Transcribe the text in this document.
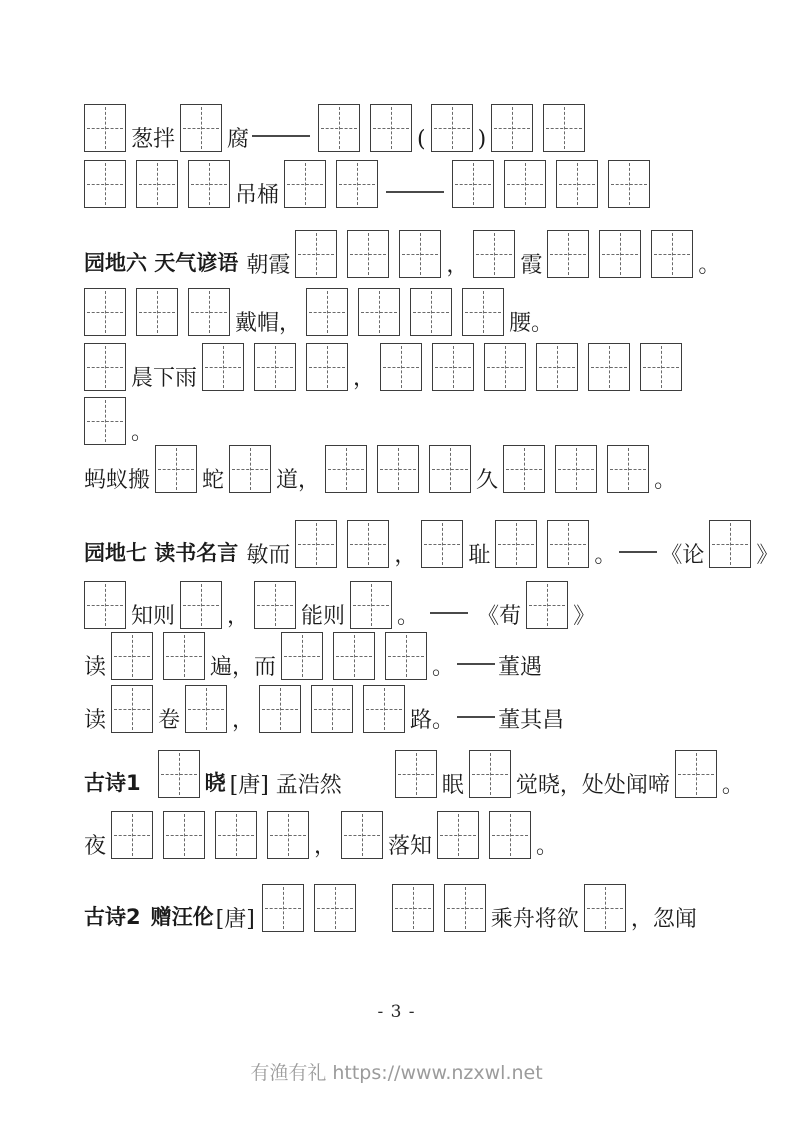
葱拌 腐	( )
吊桶
园地六 天气谚语 朝霞	， 霞	。
戴帽，	腰。
晨下雨	，
。
蚂蚁搬 蛇 道，	久	。
园地七 读书名言 敏而	， 耻	。 《论 》
知则 ， 能则 。	《荀 》
读	遍，而	。 董遇
读 卷 ，	路。 董其昌
古诗1	晓 [唐] 孟浩然	眠 觉晓，处处闻啼 。
夜	， 落知	。
古诗2 赠汪伦 [唐]	乘舟将欲 ，忽闻
- 3 -
有渔有礼 https://www.nzxwl.net
